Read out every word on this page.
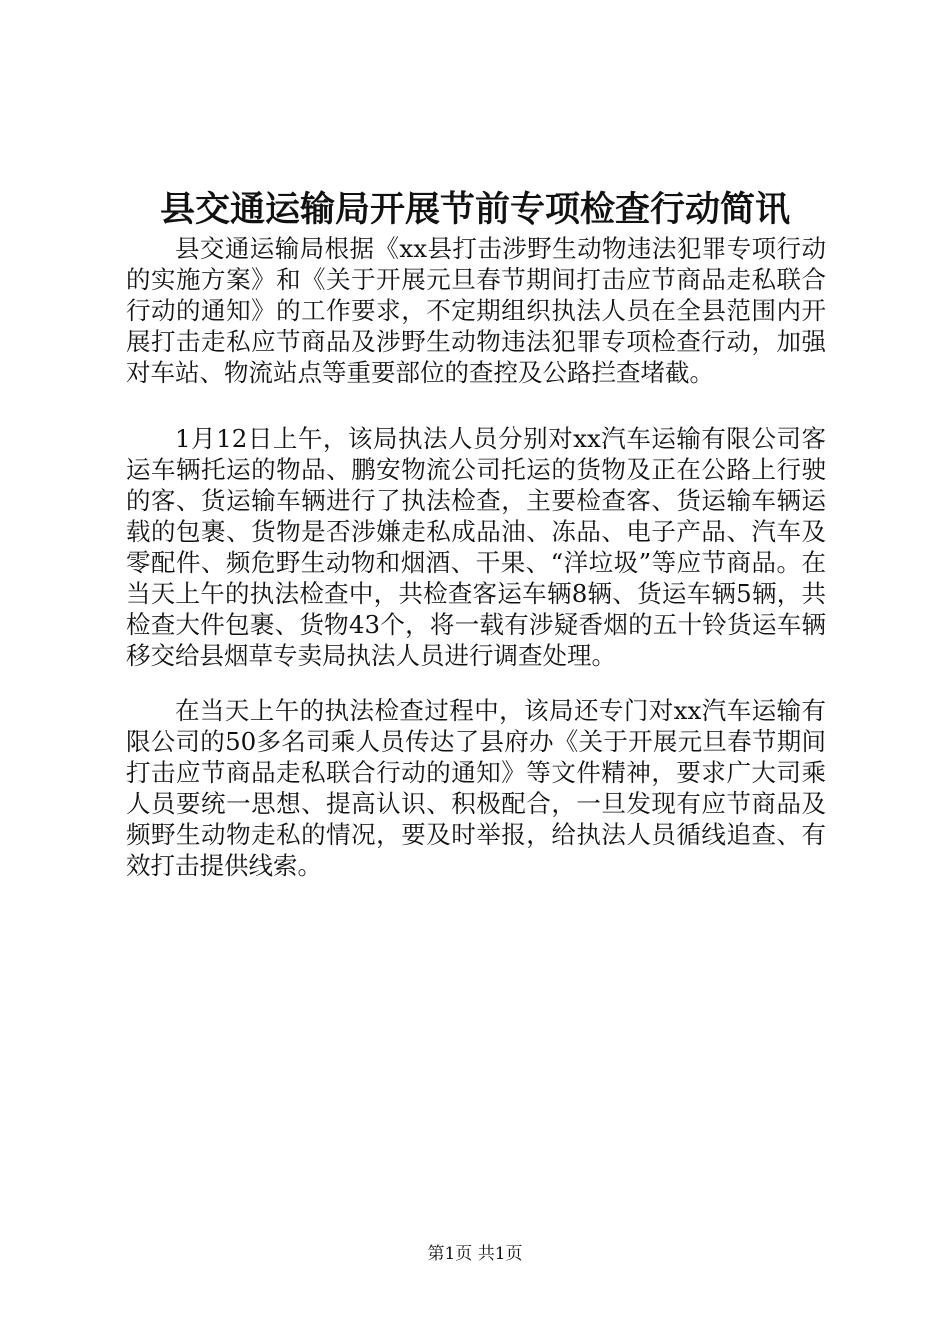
县交通运输局开展节前专项检查行动简讯
县交通运输局根据《xx县打击涉野生动物违法犯罪专项行动的实施方案》和《关于开展元旦春节期间打击应节商品走私联合行动的通知》的工作要求，不定期组织执法人员在全县范围内开展打击走私应节商品及涉野生动物违法犯罪专项检查行动，加强对车站、物流站点等重要部位的查控及公路拦查堵截。
1月12日上午，该局执法人员分别对xx汽车运输有限公司客运车辆托运的物品、鹏安物流公司托运的货物及正在公路上行驶的客、货运输车辆进行了执法检查，主要检查客、货运输车辆运载的包裹、货物是否涉嫌走私成品油、冻品、电子产品、汽车及零配件、频危野生动物和烟酒、干果、“洋垃圾”等应节商品。在当天上午的执法检查中，共检查客运车辆8辆、货运车辆5辆，共检查大件包裹、货物43个，将一载有涉疑香烟的五十铃货运车辆移交给县烟草专卖局执法人员进行调查处理。
在当天上午的执法检查过程中，该局还专门对xx汽车运输有限公司的50多名司乘人员传达了县府办《关于开展元旦春节期间打击应节商品走私联合行动的通知》等文件精神，要求广大司乘人员要统一思想、提高认识、积极配合，一旦发现有应节商品及频野生动物走私的情况，要及时举报，给执法人员循线追查、有效打击提供线索。
第1页 共1页
